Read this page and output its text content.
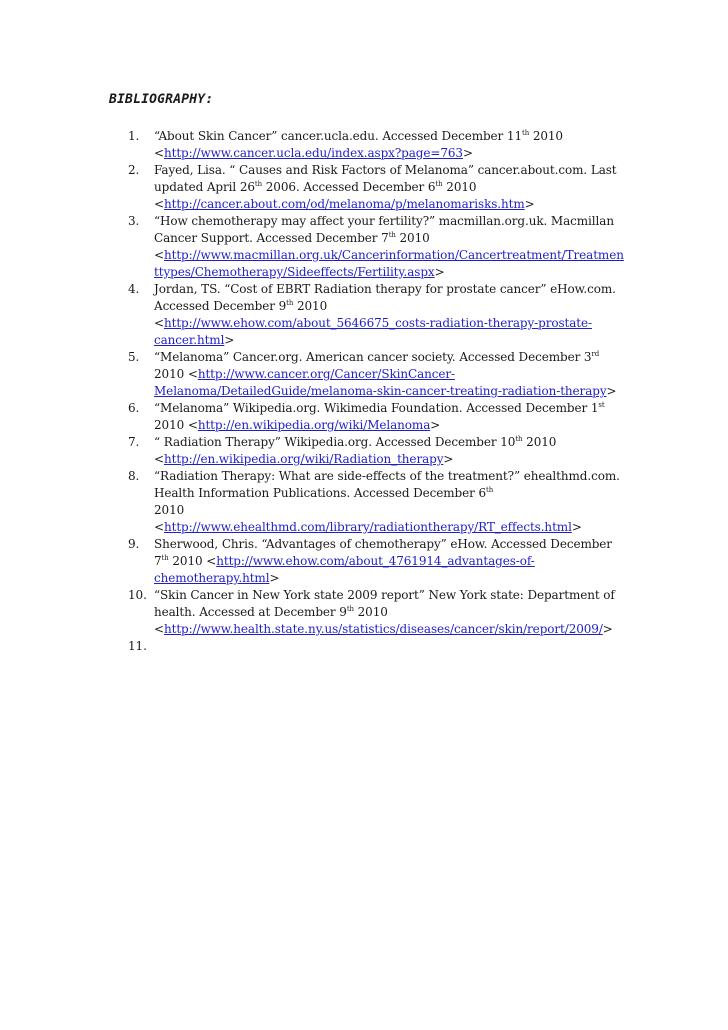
BIBLIOGRAPHY:
1. “About Skin Cancer” cancer.ucla.edu. Accessed December 11th 2010
<http://www.cancer.ucla.edu/index.aspx?page=763>
2. Fayed, Lisa. “ Causes and Risk Factors of Melanoma” cancer.about.com. Last updated April 26th 2006. Accessed December 6th 2010
<http://cancer.about.com/od/melanoma/p/melanomarisks.htm>
3. “How chemotherapy may affect your fertility?” macmillan.org.uk. Macmillan Cancer Support. Accessed December 7th 2010
<http://www.macmillan.org.uk/Cancerinformation/Cancertreatment/Treatmenttypes/Chemotherapy/Sideeffects/Fertility.aspx>
4. Jordan, TS. “Cost of EBRT Radiation therapy for prostate cancer” eHow.com. Accessed December 9th 2010
<http://www.ehow.com/about_5646675_costs-radiation-therapy-prostate-cancer.html>
5. “Melanoma” Cancer.org. American cancer society. Accessed December 3rd 2010 <http://www.cancer.org/Cancer/SkinCancer-Melanoma/DetailedGuide/melanoma-skin-cancer-treating-radiation-therapy>
6. “Melanoma” Wikipedia.org. Wikimedia Foundation. Accessed December 1st 2010 <http://en.wikipedia.org/wiki/Melanoma>
7. “ Radiation Therapy” Wikipedia.org. Accessed December 10th 2010
<http://en.wikipedia.org/wiki/Radiation_therapy>
8. “Radiation Therapy: What are side-effects of the treatment?” ehealthmd.com. Health Information Publications. Accessed December 6th
2010
<http://www.ehealthmd.com/library/radiationtherapy/RT_effects.html>
9. Sherwood, Chris. “Advantages of chemotherapy” eHow. Accessed December 7th 2010 <http://www.ehow.com/about_4761914_advantages-of-chemotherapy.html>
10. “Skin Cancer in New York state 2009 report” New York state: Department of health. Accessed at December 9th 2010
<http://www.health.state.ny.us/statistics/diseases/cancer/skin/report/2009/>
11.
